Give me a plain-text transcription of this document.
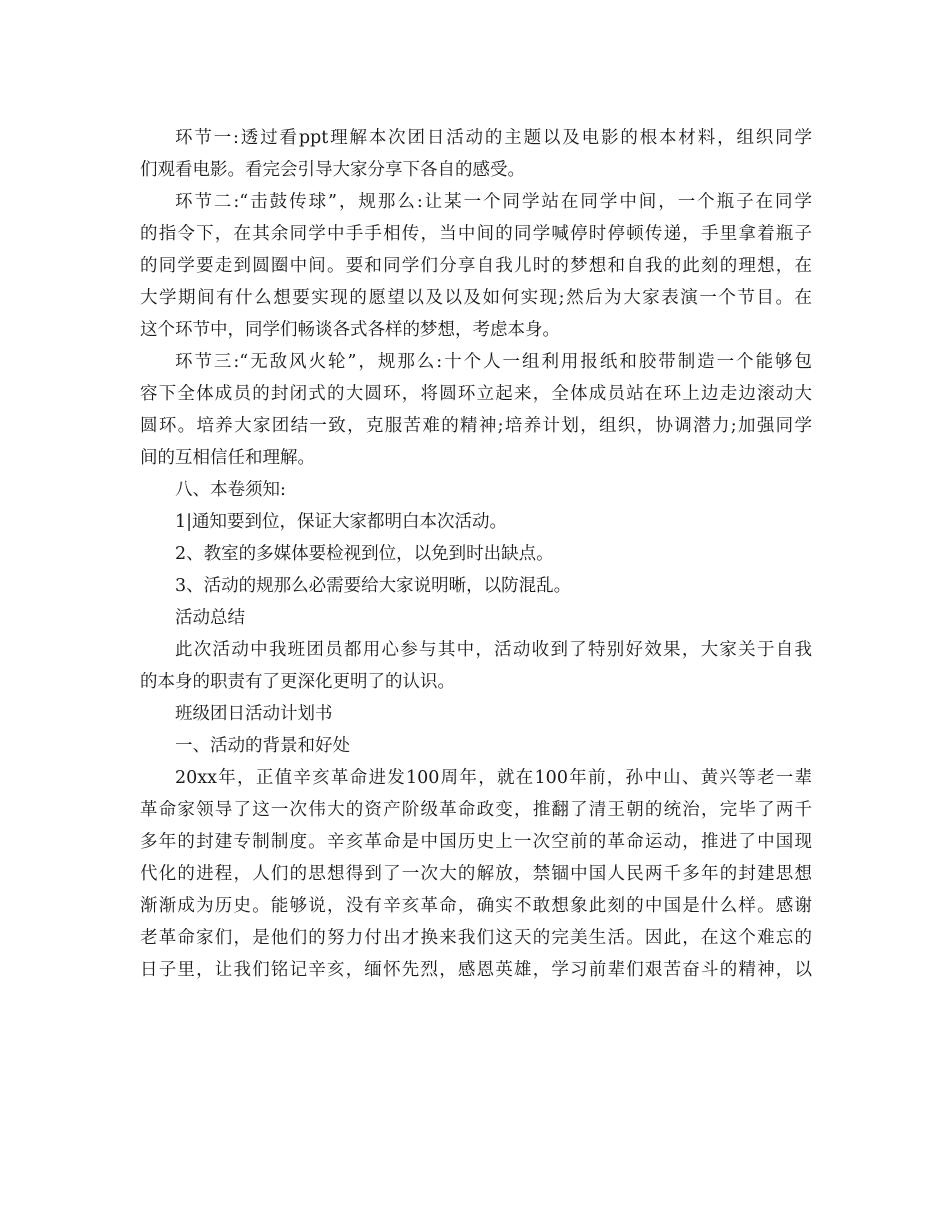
环节一:透过看ppt理解本次团日活动的主题以及电影的根本材料，组织同学
们观看电影。看完会引导大家分享下各自的感受。
环节二:“击鼓传球”，规那么:让某一个同学站在同学中间，一个瓶子在同学
的指令下，在其余同学中手手相传，当中间的同学喊停时停顿传递，手里拿着瓶子
的同学要走到圆圈中间。要和同学们分享自我儿时的梦想和自我的此刻的理想，在
大学期间有什么想要实现的愿望以及以及如何实现;然后为大家表演一个节目。在
这个环节中，同学们畅谈各式各样的梦想，考虑本身。
环节三:“无敌风火轮”，规那么:十个人一组利用报纸和胶带制造一个能够包
容下全体成员的封闭式的大圆环，将圆环立起来，全体成员站在环上边走边滚动大
圆环。培养大家团结一致，克服苦难的精神;培养计划，组织，协调潜力;加强同学
间的互相信任和理解。
八、本卷须知:
1|通知要到位，保证大家都明白本次活动。
2、教室的多媒体要检视到位，以免到时出缺点。
3、活动的规那么必需要给大家说明晰，以防混乱。
活动总结
此次活动中我班团员都用心参与其中，活动收到了特别好效果，大家关于自我
的本身的职责有了更深化更明了的认识。
班级团日活动计划书
一、活动的背景和好处
20xx年，正值辛亥革命进发100周年，就在100年前，孙中山、黄兴等老一辈
革命家领导了这一次伟大的资产阶级革命政变，推翻了清王朝的统治，完毕了两千
多年的封建专制制度。辛亥革命是中国历史上一次空前的革命运动，推进了中国现
代化的进程，人们的思想得到了一次大的解放，禁锢中国人民两千多年的封建思想
渐渐成为历史。能够说，没有辛亥革命，确实不敢想象此刻的中国是什么样。感谢
老革命家们，是他们的努力付出才换来我们这天的完美生活。因此，在这个难忘的
日子里，让我们铭记辛亥，缅怀先烈，感恩英雄，学习前辈们艰苦奋斗的精神，以
